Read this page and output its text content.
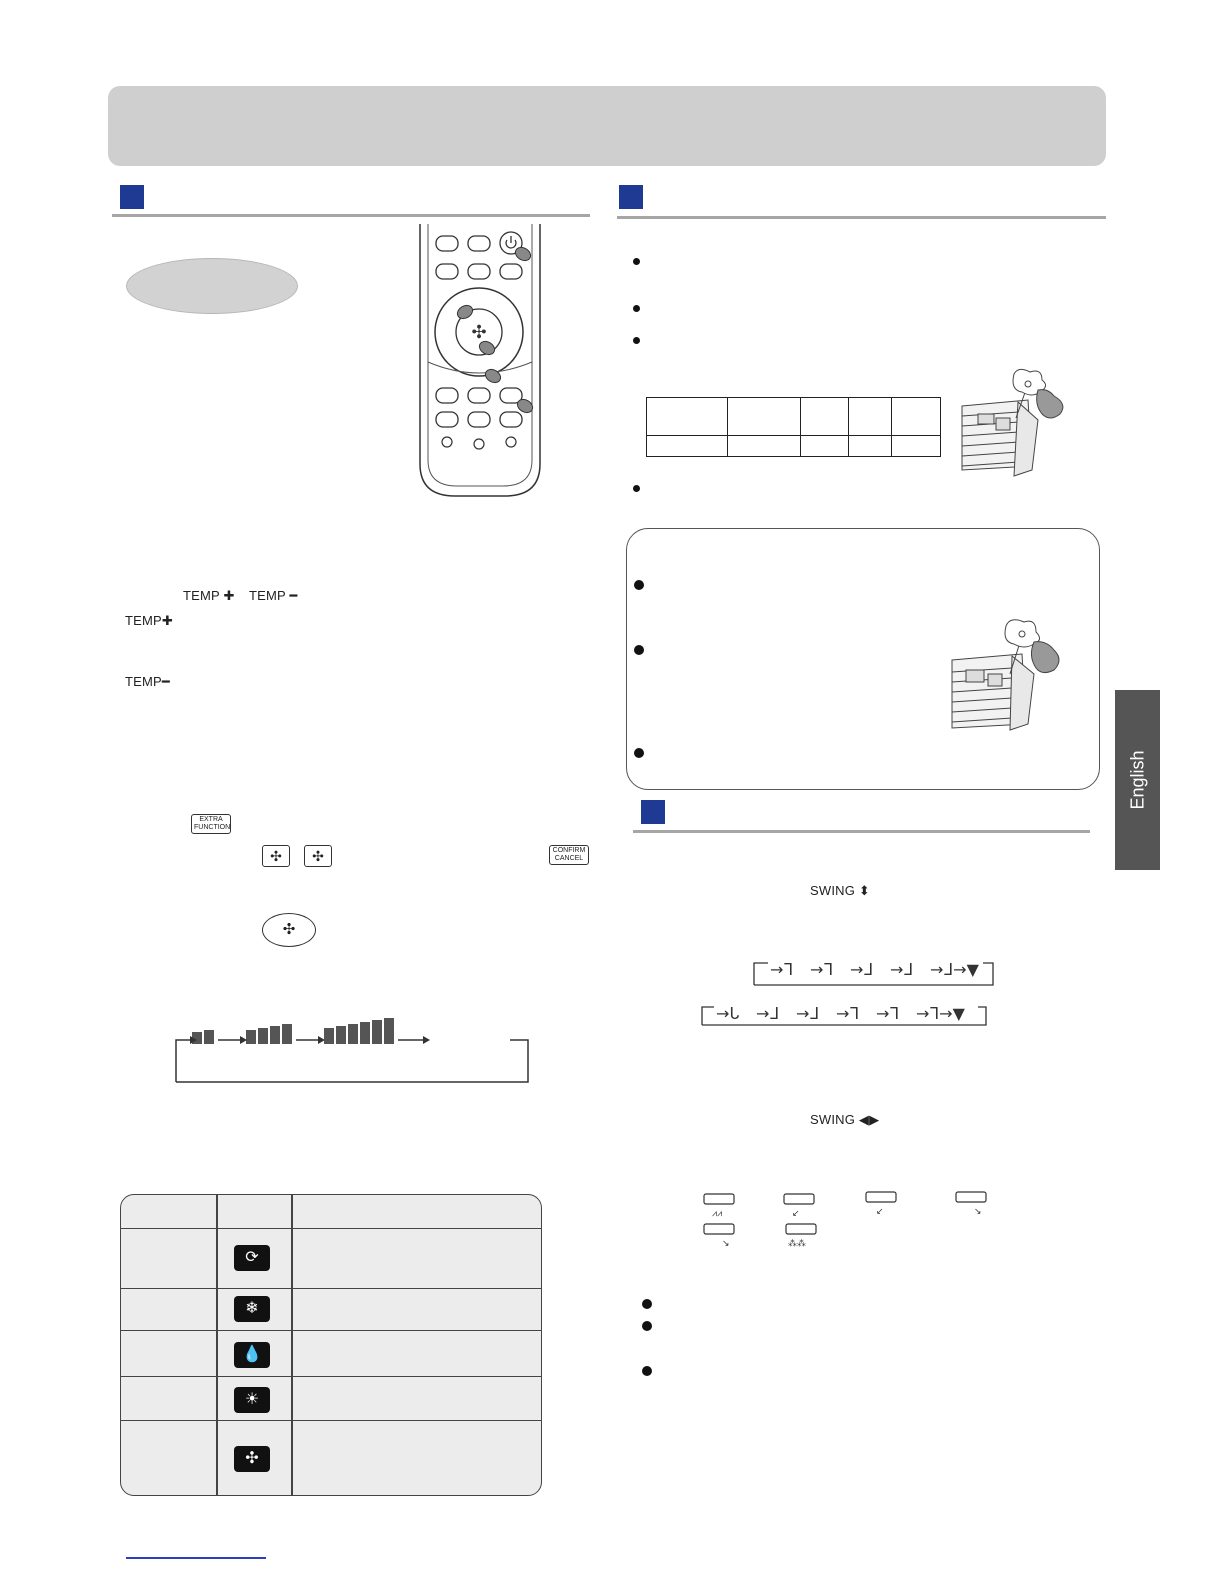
✣
TEMP ✚ TEMP ━
TEMP✚
TEMP━
EXTRA
FUNCTION
✣	✣	CONFIRM
CANCEL
✣
⟳
❄
💧
☀
✣

SWING ⬍
→ᒣ →ᒣ →ᒧ →ᒧ →ᒧ→▼
→ᒐ →ᒧ →ᒧ →ᒣ →ᒣ →ᒣ→▼
SWING ◀▶
⩘⩘	↙	↙	↘
↘	⁂⁂
English
